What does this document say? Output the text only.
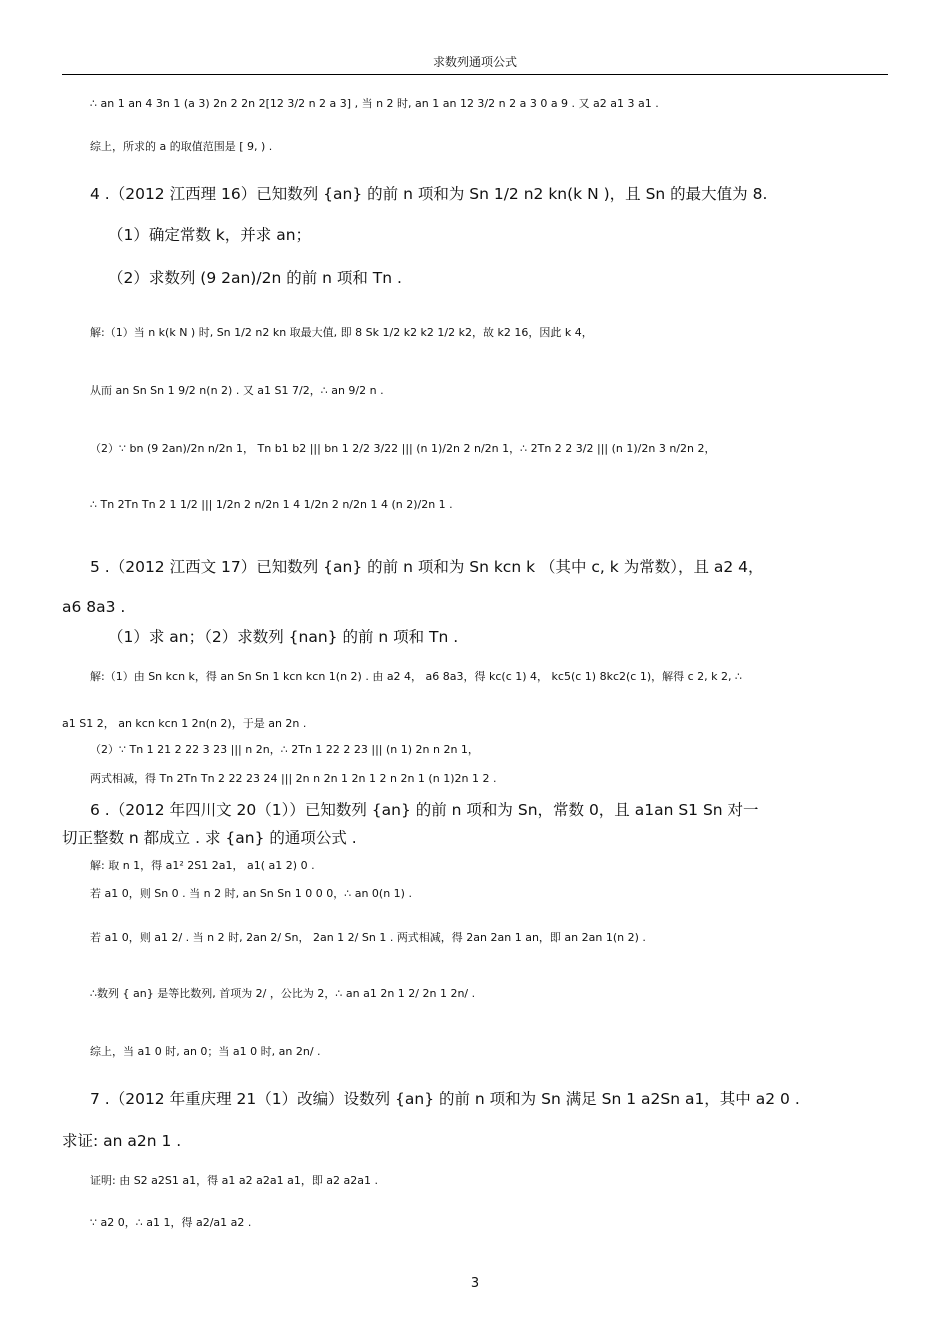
求数列通项公式
∴ an 1 an 4 3n 1 (a 3) 2n 2 2n 2[12 3/2 n 2 a 3] , 当 n 2 时, an 1 an 12 3/2 n 2 a 3 0 a 9 . 又 a2 a1 3 a1 .
综上，所求的 a 的取值范围是 [ 9, ) .
4 .（2012 江西理 16）已知数列 {an} 的前 n 项和为 Sn 1/2 n2 kn(k N )，且 Sn 的最大值为 8.
（1）确定常数 k，并求 an；
（2）求数列 (9 2an)/2n 的前 n 项和 Tn .
解:（1）当 n k(k N ) 时, Sn 1/2 n2 kn 取最大值, 即 8 Sk 1/2 k2 k2 1/2 k2，故 k2 16，因此 k 4，
从而 an Sn Sn 1 9/2 n(n 2) . 又 a1 S1 7/2，∴ an 9/2 n .
（2）∵ bn (9 2an)/2n n/2n 1， Tn b1 b2 ||| bn 1 2/2 3/22 ||| (n 1)/2n 2 n/2n 1，∴ 2Tn 2 2 3/2 ||| (n 1)/2n 3 n/2n 2，
∴ Tn 2Tn Tn 2 1 1/2 ||| 1/2n 2 n/2n 1 4 1/2n 2 n/2n 1 4 (n 2)/2n 1 .
5 .（2012 江西文 17）已知数列 {an} 的前 n 项和为 Sn kcn k （其中 c, k 为常数），且 a2 4，
a6 8a3 .
（1）求 an；（2）求数列 {nan} 的前 n 项和 Tn .
解:（1）由 Sn kcn k，得 an Sn Sn 1 kcn kcn 1(n 2) . 由 a2 4， a6 8a3，得 kc(c 1) 4， kc5(c 1) 8kc2(c 1)，解得 c 2, k 2, ∴
a1 S1 2， an kcn kcn 1 2n(n 2)，于是 an 2n .
（2）∵ Tn 1 21 2 22 3 23 ||| n 2n，∴ 2Tn 1 22 2 23 ||| (n 1) 2n n 2n 1，
两式相减，得 Tn 2Tn Tn 2 22 23 24 ||| 2n n 2n 1 2n 1 2 n 2n 1 (n 1)2n 1 2 .
6 .（2012 年四川文 20（1））已知数列 {an} 的前 n 项和为 Sn，常数 0，且 a1an S1 Sn 对一
切正整数 n 都成立 . 求 {an} 的通项公式 .
解: 取 n 1，得 a1² 2S1 2a1， a1( a1 2) 0 .
若 a1 0，则 Sn 0 . 当 n 2 时, an Sn Sn 1 0 0 0，∴ an 0(n 1) .
若 a1 0，则 a1 2/ . 当 n 2 时, 2an 2/ Sn， 2an 1 2/ Sn 1 . 两式相减，得 2an 2an 1 an，即 an 2an 1(n 2) .
∴数列 { an} 是等比数列, 首项为 2/ ，公比为 2，∴ an a1 2n 1 2/ 2n 1 2n/ .
综上，当 a1 0 时, an 0；当 a1 0 时, an 2n/ .
7 .（2012 年重庆理 21（1）改编）设数列 {an} 的前 n 项和为 Sn 满足 Sn 1 a2Sn a1，其中 a2 0 .
求证: an a2n 1 .
证明: 由 S2 a2S1 a1，得 a1 a2 a2a1 a1，即 a2 a2a1 .
∵ a2 0，∴ a1 1，得 a2/a1 a2 .
3
